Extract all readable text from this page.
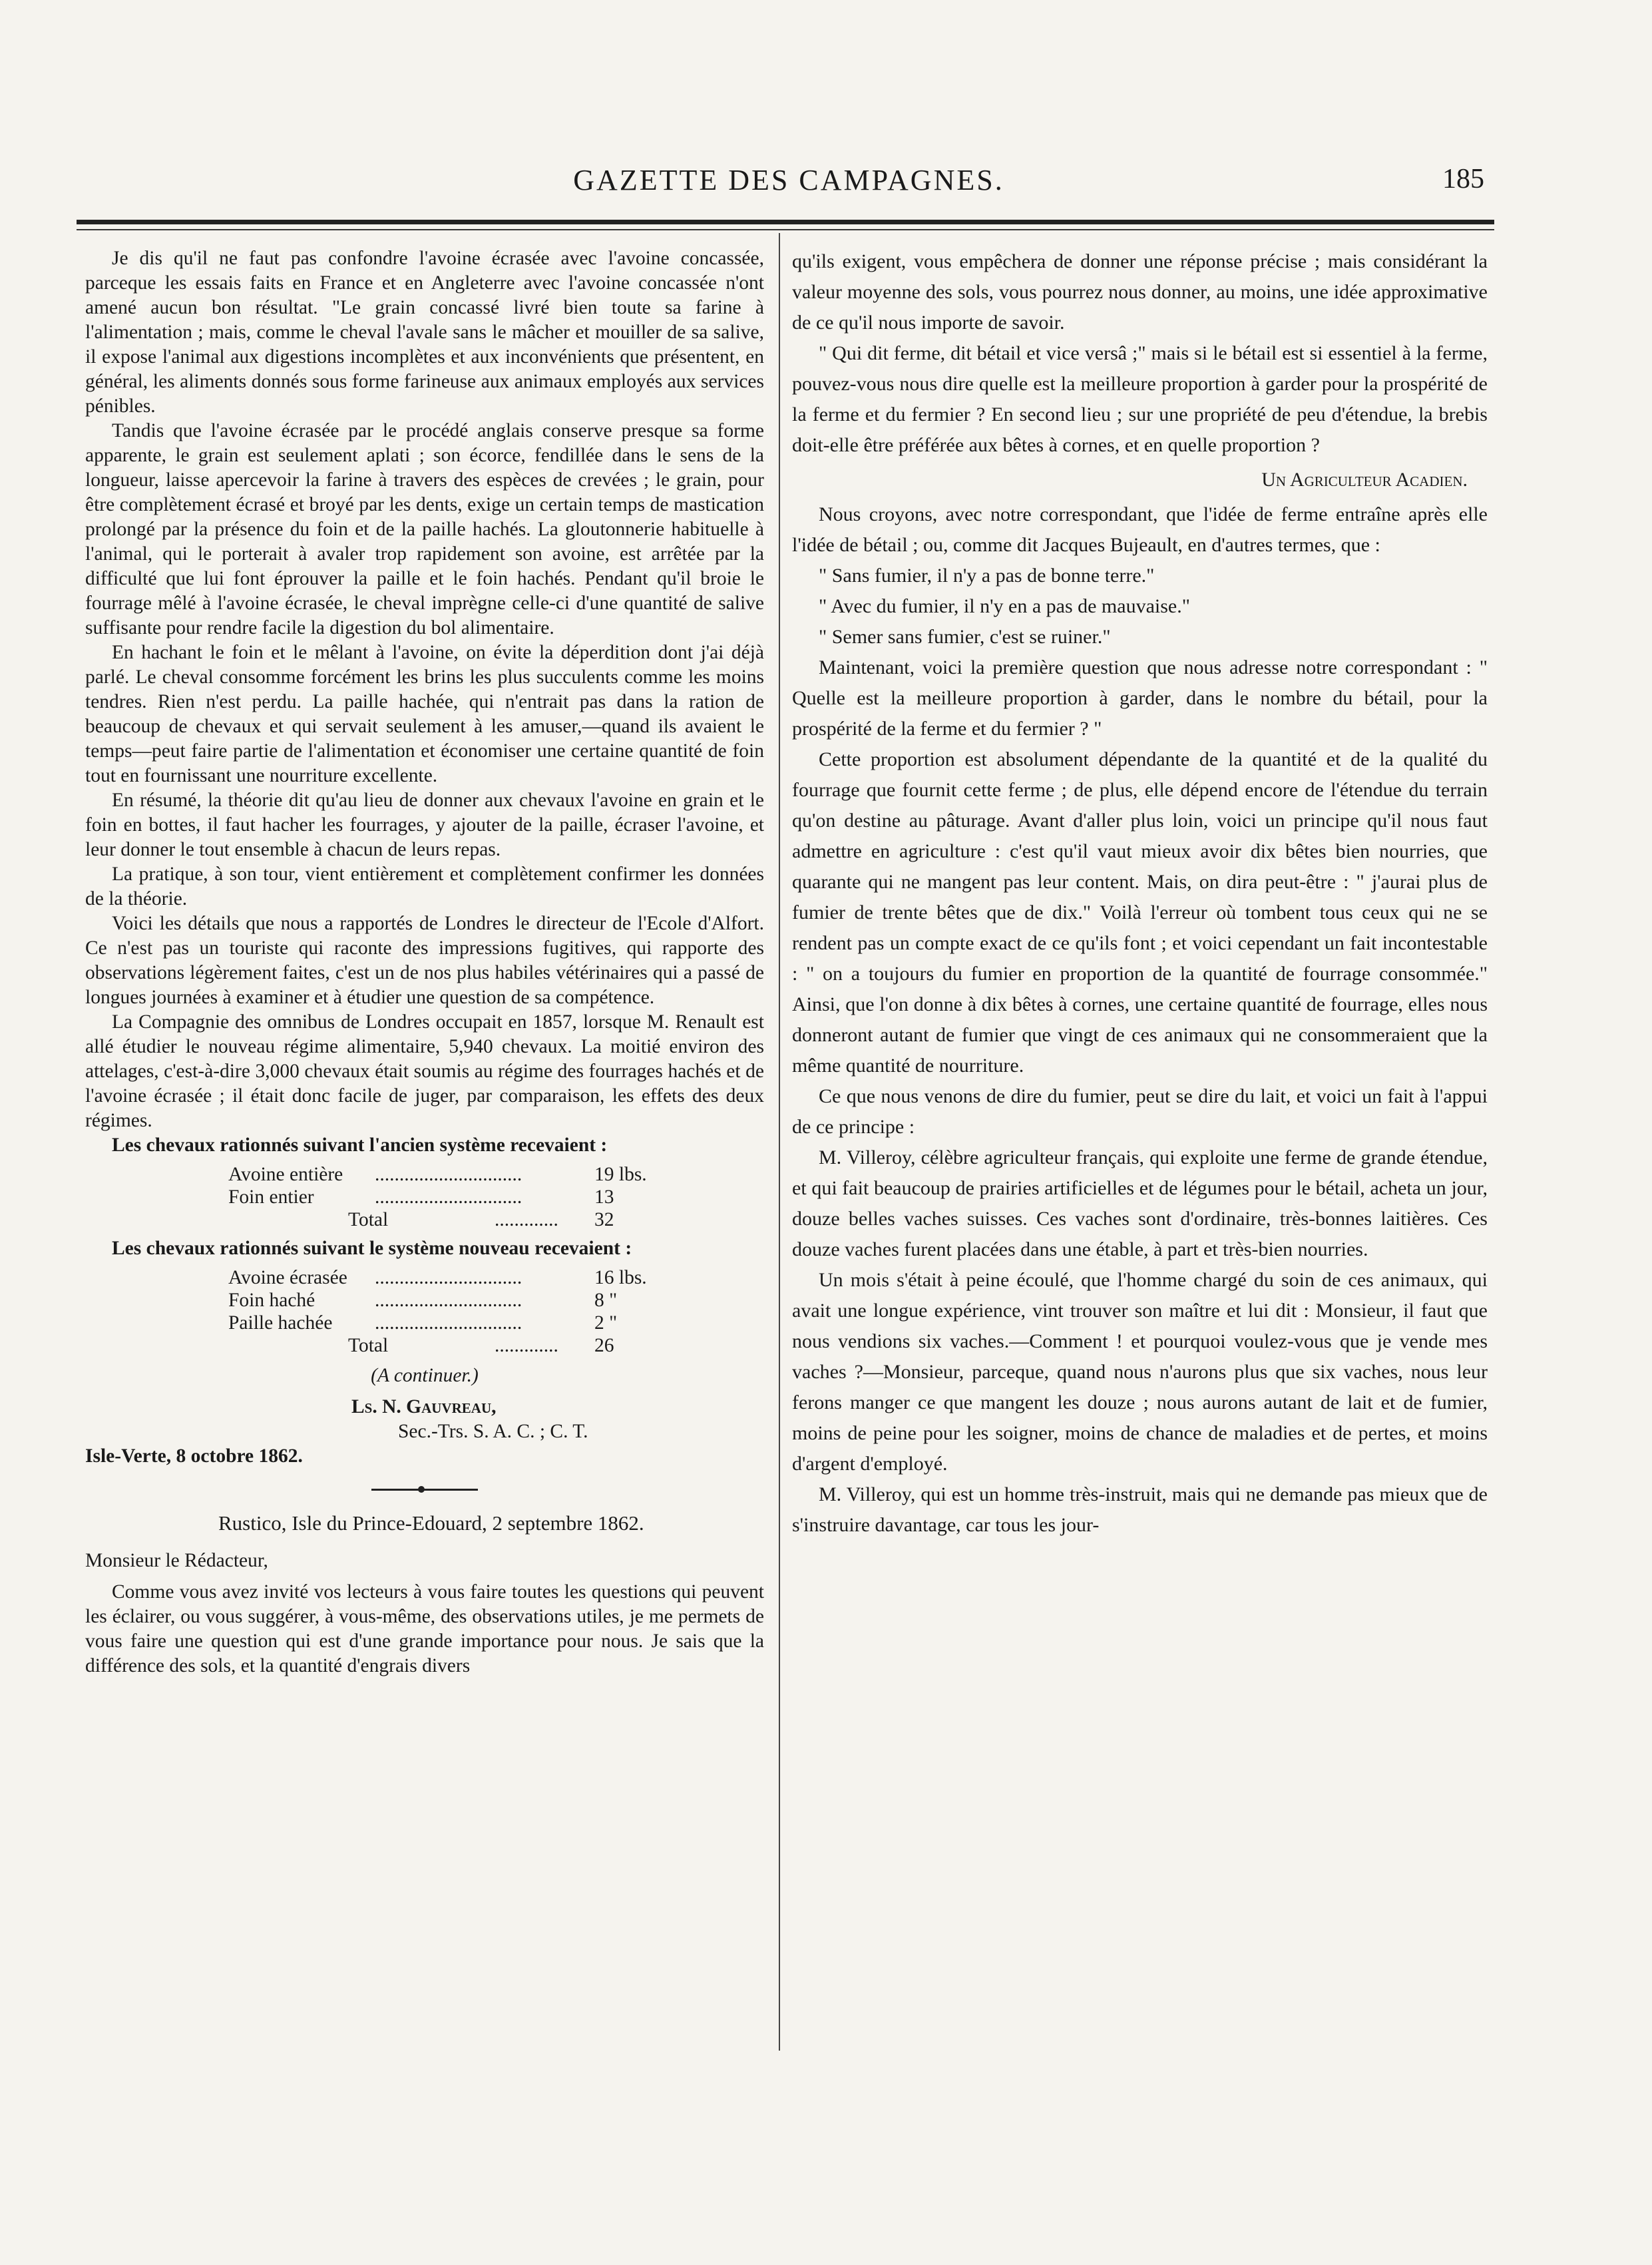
GAZETTE DES CAMPAGNES.	185

Je dis qu'il ne faut pas confondre l'avoine écrasée avec l'avoine concassée, parceque les essais faits en France et en Angleterre avec l'avoine concassée n'ont amené aucun bon résultat. "Le grain concassé livré bien toute sa farine à l'alimentation ; mais, comme le cheval l'avale sans le mâcher et mouiller de sa salive, il expose l'animal aux digestions incomplètes et aux inconvénients que présentent, en général, les aliments donnés sous forme farineuse aux animaux employés aux services pénibles.

Tandis que l'avoine écrasée par le procédé anglais conserve presque sa forme apparente, le grain est seulement aplati ; son écorce, fendillée dans le sens de la longueur, laisse apercevoir la farine à travers des espèces de crevées ; le grain, pour être complètement écrasé et broyé par les dents, exige un certain temps de mastication prolongé par la présence du foin et de la paille hachés. La gloutonnerie habituelle à l'animal, qui le porterait à avaler trop rapidement son avoine, est arrêtée par la difficulté que lui font éprouver la paille et le foin hachés. Pendant qu'il broie le fourrage mêlé à l'avoine écrasée, le cheval imprègne celle-ci d'une quantité de salive suffisante pour rendre facile la digestion du bol alimentaire.

En hachant le foin et le mêlant à l'avoine, on évite la déperdition dont j'ai déjà parlé. Le cheval consomme forcément les brins les plus succulents comme les moins tendres. Rien n'est perdu. La paille hachée, qui n'entrait pas dans la ration de beaucoup de chevaux et qui servait seulement à les amuser,—quand ils avaient le temps—peut faire partie de l'alimentation et économiser une certaine quantité de foin tout en fournissant une nourriture excellente.

En résumé, la théorie dit qu'au lieu de donner aux chevaux l'avoine en grain et le foin en bottes, il faut hacher les fourrages, y ajouter de la paille, écraser l'avoine, et leur donner le tout ensemble à chacun de leurs repas.

La pratique, à son tour, vient entièrement et complètement confirmer les données de la théorie.

Voici les détails que nous a rapportés de Londres le directeur de l'Ecole d'Alfort. Ce n'est pas un touriste qui raconte des impressions fugitives, qui rapporte des observations légèrement faites, c'est un de nos plus habiles vétérinaires qui a passé de longues journées à examiner et à étudier une question de sa compétence.

La Compagnie des omnibus de Londres occupait en 1857, lorsque M. Renault est allé étudier le nouveau régime alimentaire, 5,940 chevaux. La moitié environ des attelages, c'est-à-dire 3,000 chevaux était soumis au régime des fourrages hachés et de l'avoine écrasée ; il était donc facile de juger, par comparaison, les effets des deux régimes.

Les chevaux rationnés suivant l'ancien système recevaient :

Avoine entière	..............................	19 lbs.
Foin entier	..............................	13
Total	.............	32

Les chevaux rationnés suivant le système nouveau recevaient :

Avoine écrasée	..............................	16 lbs.
Foin haché	..............................	8 "
Paille hachée	..............................	2 "
Total	.............	26
(A continuer.)
Ls. N. Gauvreau,
Sec.-Trs. S. A. C. ; C. T.
Isle-Verte, 8 octobre 1862.
Rustico, Isle du Prince-Edouard, 2 septembre 1862.
Monsieur le Rédacteur,

Comme vous avez invité vos lecteurs à vous faire toutes les questions qui peuvent les éclairer, ou vous suggérer, à vous-même, des observations utiles, je me permets de vous faire une question qui est d'une grande importance pour nous. Je sais que la différence des sols, et la quantité d'engrais divers

qu'ils exigent, vous empêchera de donner une réponse précise ; mais considérant la valeur moyenne des sols, vous pourrez nous donner, au moins, une idée approximative de ce qu'il nous importe de savoir.

" Qui dit ferme, dit bétail et vice versâ ;" mais si le bétail est si essentiel à la ferme, pouvez-vous nous dire quelle est la meilleure proportion à garder pour la prospérité de la ferme et du fermier ? En second lieu ; sur une propriété de peu d'étendue, la brebis doit-elle être préférée aux bêtes à cornes, et en quelle proportion ?

Un Agriculteur Acadien.

Nous croyons, avec notre correspondant, que l'idée de ferme entraîne après elle l'idée de bétail ; ou, comme dit Jacques Bujeault, en d'autres termes, que :

" Sans fumier, il n'y a pas de bonne terre."

" Avec du fumier, il n'y en a pas de mauvaise."

" Semer sans fumier, c'est se ruiner."

Maintenant, voici la première question que nous adresse notre correspondant : " Quelle est la meilleure proportion à garder, dans le nombre du bétail, pour la prospérité de la ferme et du fermier ? "

Cette proportion est absolument dépendante de la quantité et de la qualité du fourrage que fournit cette ferme ; de plus, elle dépend encore de l'étendue du terrain qu'on destine au pâturage. Avant d'aller plus loin, voici un principe qu'il nous faut admettre en agriculture : c'est qu'il vaut mieux avoir dix bêtes bien nourries, que quarante qui ne mangent pas leur content. Mais, on dira peut-être : " j'aurai plus de fumier de trente bêtes que de dix." Voilà l'erreur où tombent tous ceux qui ne se rendent pas un compte exact de ce qu'ils font ; et voici cependant un fait incontestable : " on a toujours du fumier en proportion de la quantité de fourrage consommée." Ainsi, que l'on donne à dix bêtes à cornes, une certaine quantité de fourrage, elles nous donneront autant de fumier que vingt de ces animaux qui ne consommeraient que la même quantité de nourriture.

Ce que nous venons de dire du fumier, peut se dire du lait, et voici un fait à l'appui de ce principe :

M. Villeroy, célèbre agriculteur français, qui exploite une ferme de grande étendue, et qui fait beaucoup de prairies artificielles et de légumes pour le bétail, acheta un jour, douze belles vaches suisses. Ces vaches sont d'ordinaire, très-bonnes laitières. Ces douze vaches furent placées dans une étable, à part et très-bien nourries.

Un mois s'était à peine écoulé, que l'homme chargé du soin de ces animaux, qui avait une longue expérience, vint trouver son maître et lui dit : Monsieur, il faut que nous vendions six vaches.—Comment ! et pourquoi voulez-vous que je vende mes vaches ?—Monsieur, parceque, quand nous n'aurons plus que six vaches, nous leur ferons manger ce que mangent les douze ; nous aurons autant de lait et de fumier, moins de peine pour les soigner, moins de chance de maladies et de pertes, et moins d'argent d'employé.

M. Villeroy, qui est un homme très-instruit, mais qui ne demande pas mieux que de s'instruire davantage, car tous les jour-
